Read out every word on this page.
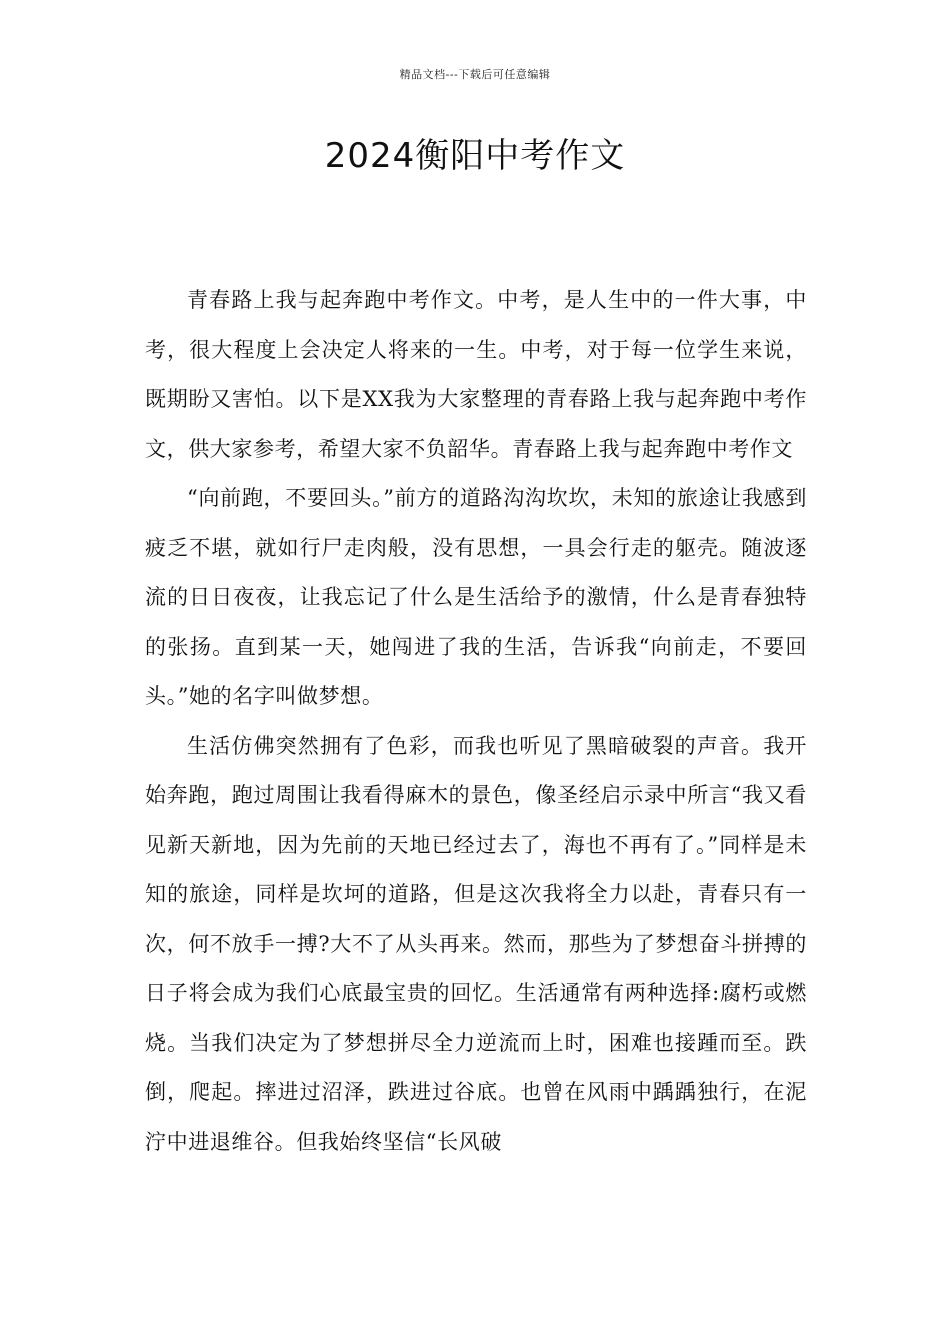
精品文档---下载后可任意编辑
2024衡阳中考作文

青春路上我与起奔跑中考作文。中考，是人生中的一件大事，中考，很大程度上会决定人将来的一生。中考，对于每一位学生来说，既期盼又害怕。以下是XX我为大家整理的青春路上我与起奔跑中考作文，供大家参考，希望大家不负韶华。青春路上我与起奔跑中考作文

“向前跑，不要回头。”前方的道路沟沟坎坎，未知的旅途让我感到疲乏不堪，就如行尸走肉般，没有思想，一具会行走的躯壳。随波逐流的日日夜夜，让我忘记了什么是生活给予的激情，什么是青春独特的张扬。直到某一天，她闯进了我的生活，告诉我“向前走，不要回头。”她的名字叫做梦想。

生活仿佛突然拥有了色彩，而我也听见了黑暗破裂的声音。我开始奔跑，跑过周围让我看得麻木的景色，像圣经启示录中所言“我又看见新天新地，因为先前的天地已经过去了，海也不再有了。”同样是未知的旅途，同样是坎坷的道路，但是这次我将全力以赴，青春只有一次，何不放手一搏?大不了从头再来。然而，那些为了梦想奋斗拼搏的日子将会成为我们心底最宝贵的回忆。生活通常有两种选择:腐朽或燃烧。当我们决定为了梦想拼尽全力逆流而上时，困难也接踵而至。跌倒，爬起。摔进过沼泽，跌进过谷底。也曾在风雨中踽踽独行，在泥泞中进退维谷。但我始终坚信“长风破
